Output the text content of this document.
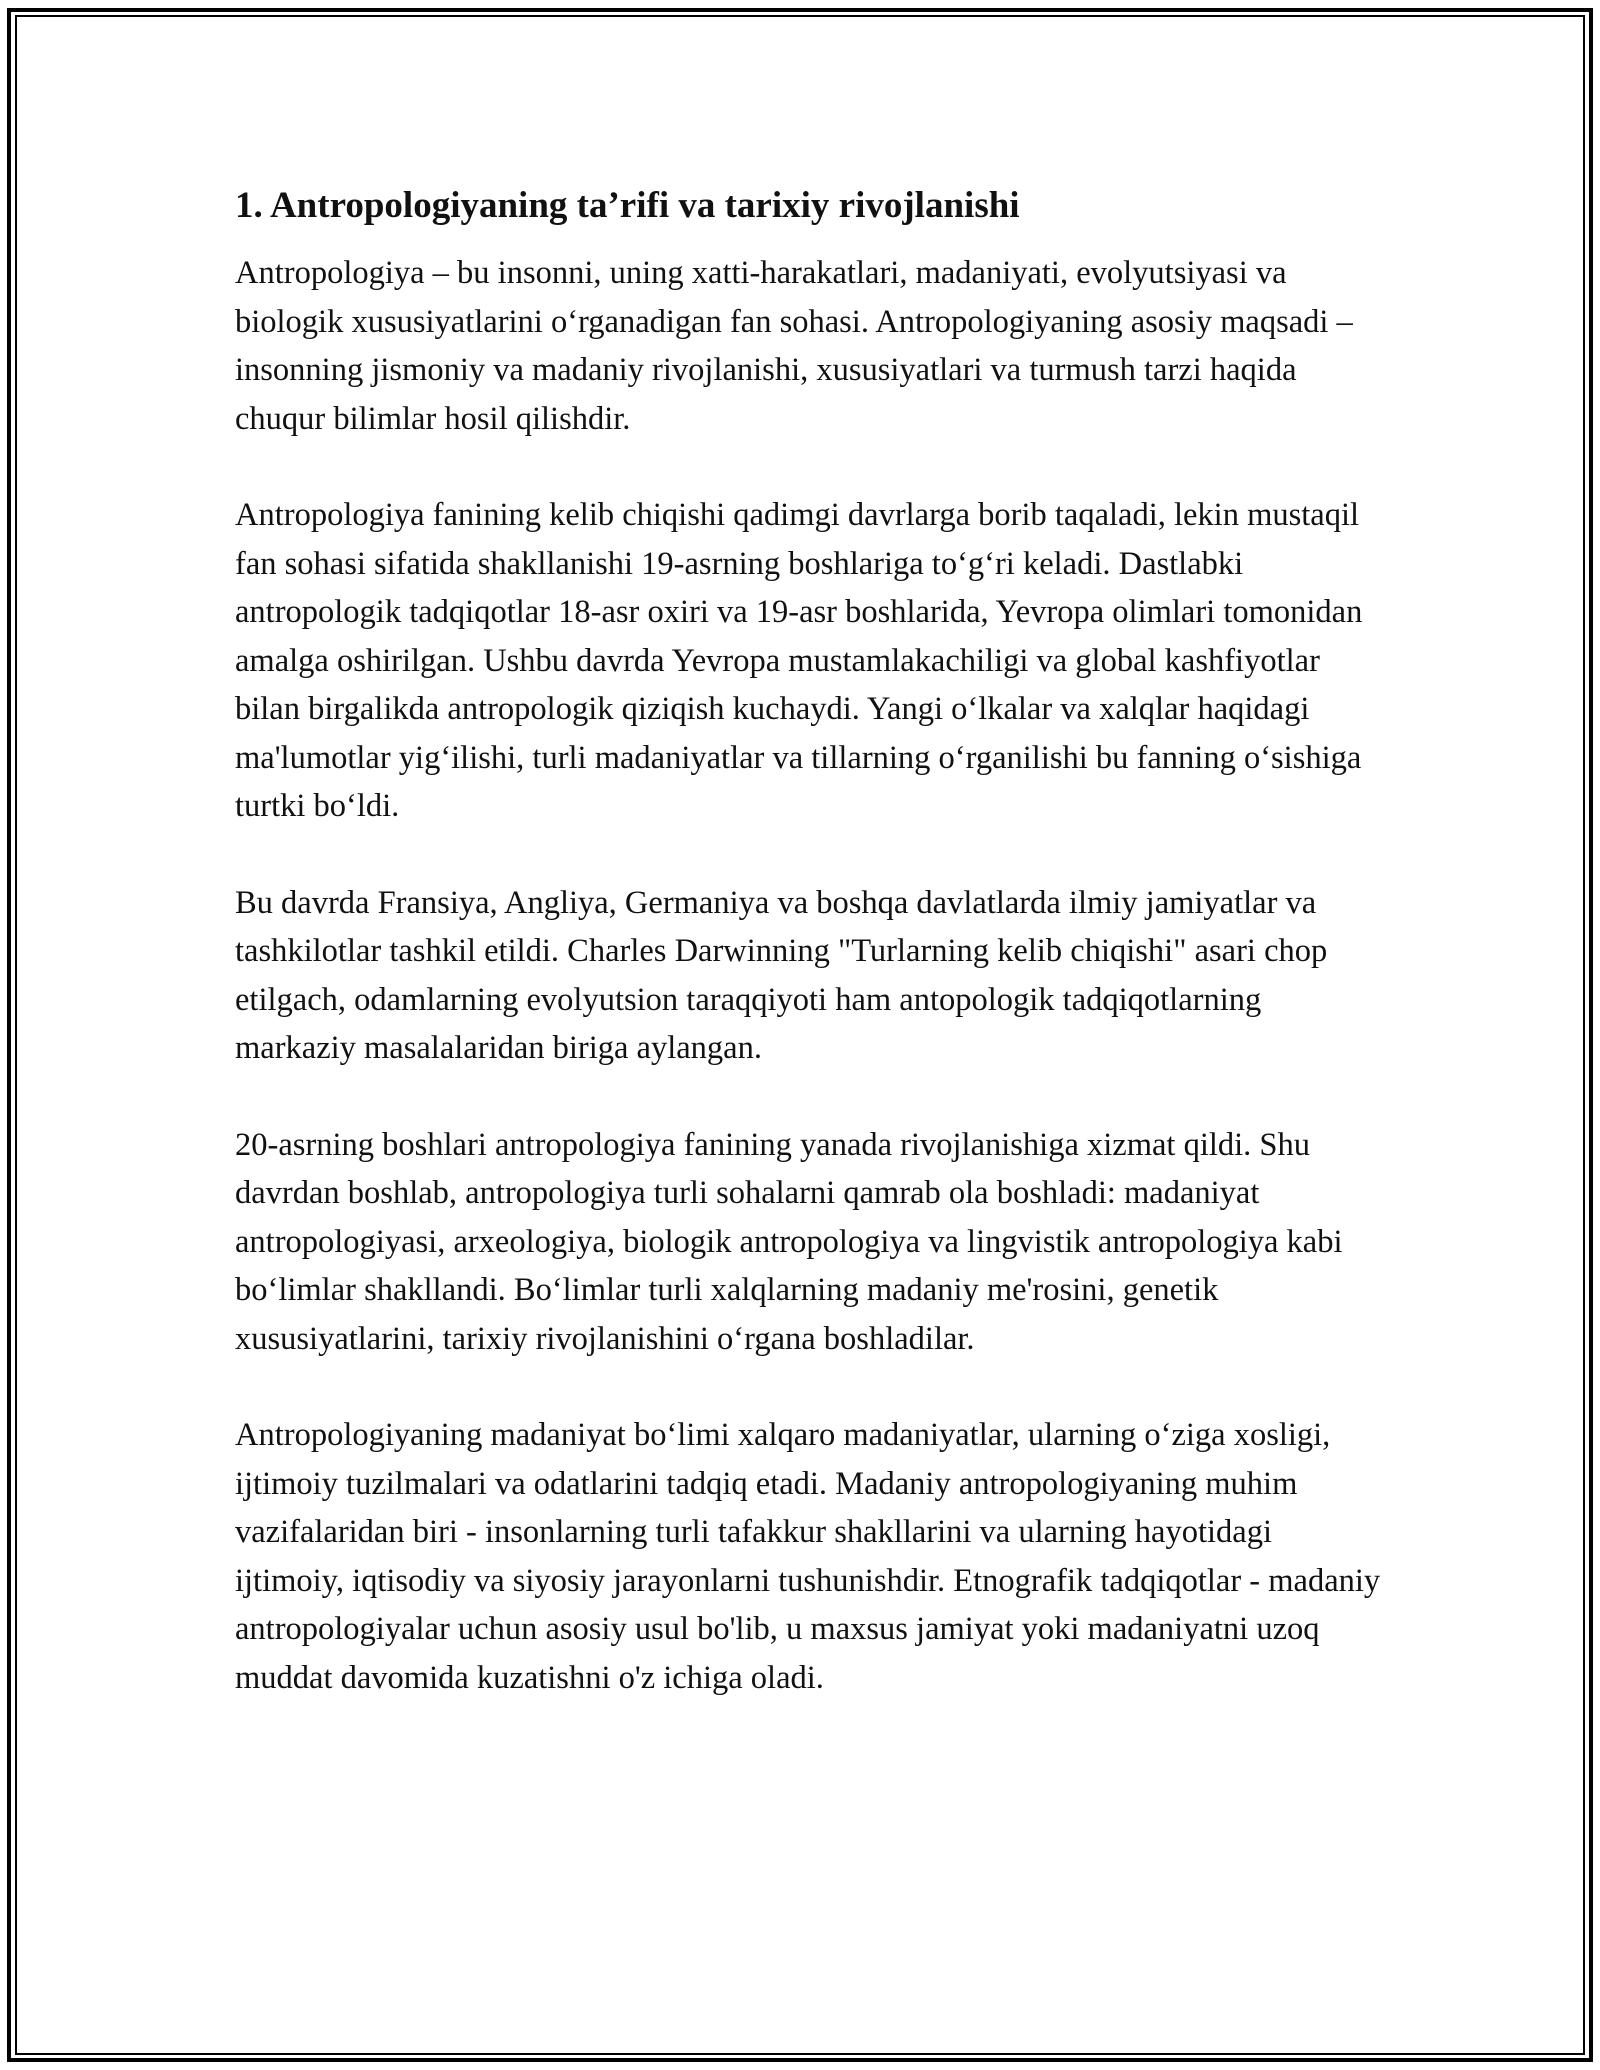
1. Antropologiyaning ta’rifi va tarixiy rivojlanishi

Antropologiya – bu insonni, uning xatti-harakatlari, madaniyati, evolyutsiyasi va biologik xususiyatlarini o‘rganadigan fan sohasi. Antropologiyaning asosiy maqsadi – insonning jismoniy va madaniy rivojlanishi, xususiyatlari va turmush tarzi haqida chuqur bilimlar hosil qilishdir.

Antropologiya fanining kelib chiqishi qadimgi davrlarga borib taqaladi, lekin mustaqil fan sohasi sifatida shakllanishi 19-asrning boshlariga to‘g‘ri keladi. Dastlabki antropologik tadqiqotlar 18-asr oxiri va 19-asr boshlarida, Yevropa olimlari tomonidan amalga oshirilgan. Ushbu davrda Yevropa mustamlakachiligi va global kashfiyotlar bilan birgalikda antropologik qiziqish kuchaydi. Yangi o‘lkalar va xalqlar haqidagi ma'lumotlar yig‘ilishi, turli madaniyatlar va tillarning o‘rganilishi bu fanning o‘sishiga turtki bo‘ldi.

Bu davrda Fransiya, Angliya, Germaniya va boshqa davlatlarda ilmiy jamiyatlar va tashkilotlar tashkil etildi. Charles Darwinning "Turlarning kelib chiqishi" asari chop etilgach, odamlarning evolyutsion taraqqiyoti ham antopologik tadqiqotlarning markaziy masalalaridan biriga aylangan.

20-asrning boshlari antropologiya fanining yanada rivojlanishiga xizmat qildi. Shu davrdan boshlab, antropologiya turli sohalarni qamrab ola boshladi: madaniyat antropologiyasi, arxeologiya, biologik antropologiya va lingvistik antropologiya kabi bo‘limlar shakllandi. Bo‘limlar turli xalqlarning madaniy me'rosini, genetik xususiyatlarini, tarixiy rivojlanishini o‘rgana boshladilar.

Antropologiyaning madaniyat bo‘limi xalqaro madaniyatlar, ularning o‘ziga xosligi, ijtimoiy tuzilmalari va odatlarini tadqiq etadi. Madaniy antropologiyaning muhim vazifalaridan biri - insonlarning turli tafakkur shakllarini va ularning hayotidagi ijtimoiy, iqtisodiy va siyosiy jarayonlarni tushunishdir. Etnografik tadqiqotlar - madaniy antropologiyalar uchun asosiy usul bo'lib, u maxsus jamiyat yoki madaniyatni uzoq muddat davomida kuzatishni o'z ichiga oladi.
